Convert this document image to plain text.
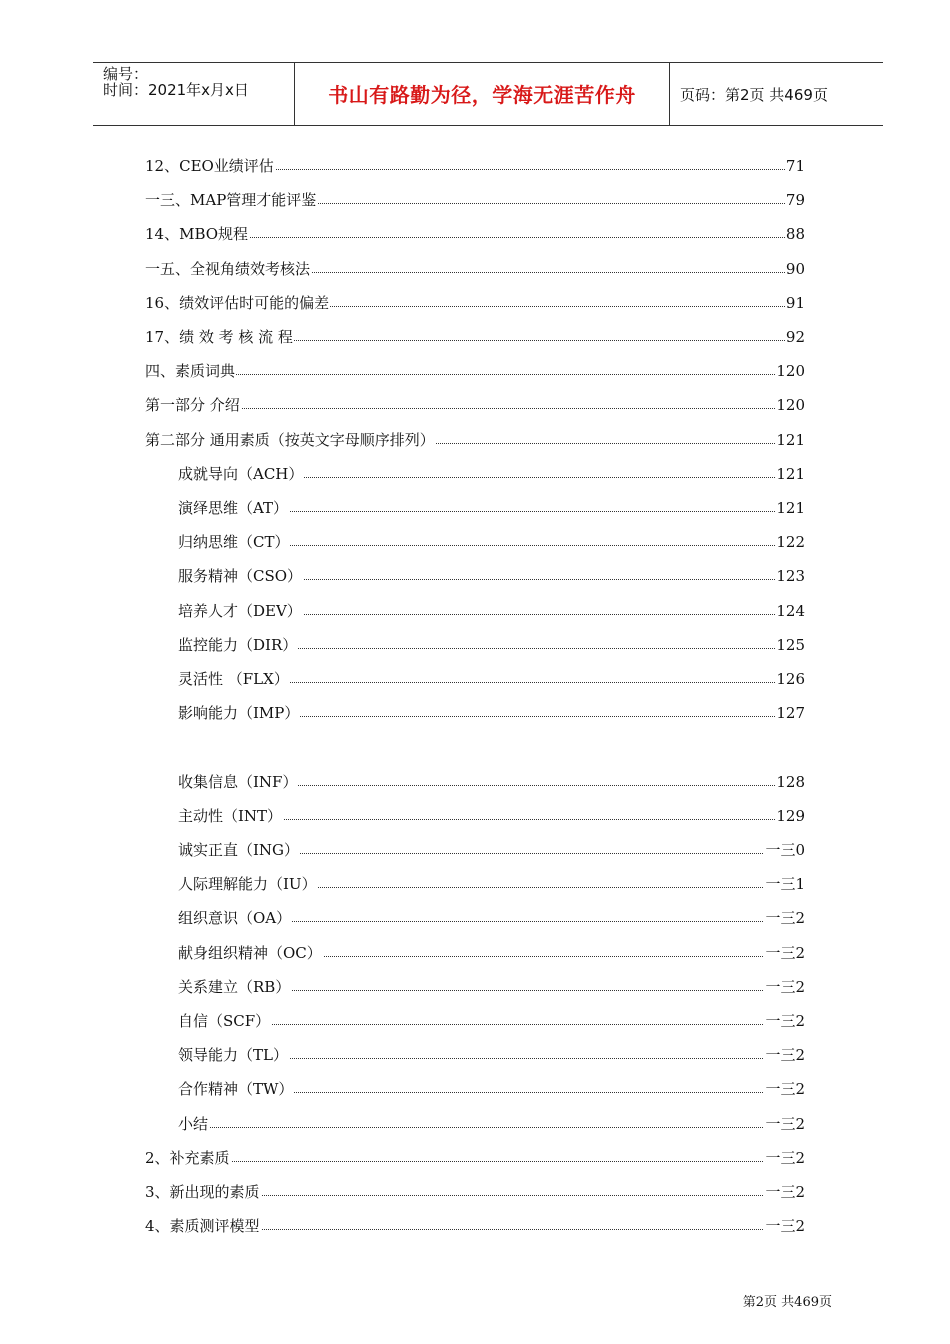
编号：
时间：2021年x月x日	书山有路勤为径，学海无涯苦作舟	页码：第2页 共469页
12、CEO业绩评估	71
一三、MAP管理才能评鉴	79
14、MBO规程	88
一五、全视角绩效考核法	90
16、绩效评估时可能的偏差	91
17、绩 效 考 核 流 程	92
四、素质词典	120
第一部分 介绍	120
第二部分 通用素质（按英文字母顺序排列）	121
成就导向（ACH）	121
演绎思维（AT）	121
归纳思维（CT）	122
服务精神（CSO）	123
培养人才（DEV）	124
监控能力（DIR）	125
灵活性 （FLX）	126
影响能力（IMP）	127
收集信息（INF）	128
主动性（INT）	129
诚实正直（ING）	一三0
人际理解能力（IU）	一三1
组织意识（OA）	一三2
献身组织精神（OC）	一三2
关系建立（RB）	一三2
自信（SCF）	一三2
领导能力（TL）	一三2
合作精神（TW）	一三2
小结	一三2
2、补充素质	一三2
3、新出现的素质	一三2
4、素质测评模型	一三2
第2页 共469页
